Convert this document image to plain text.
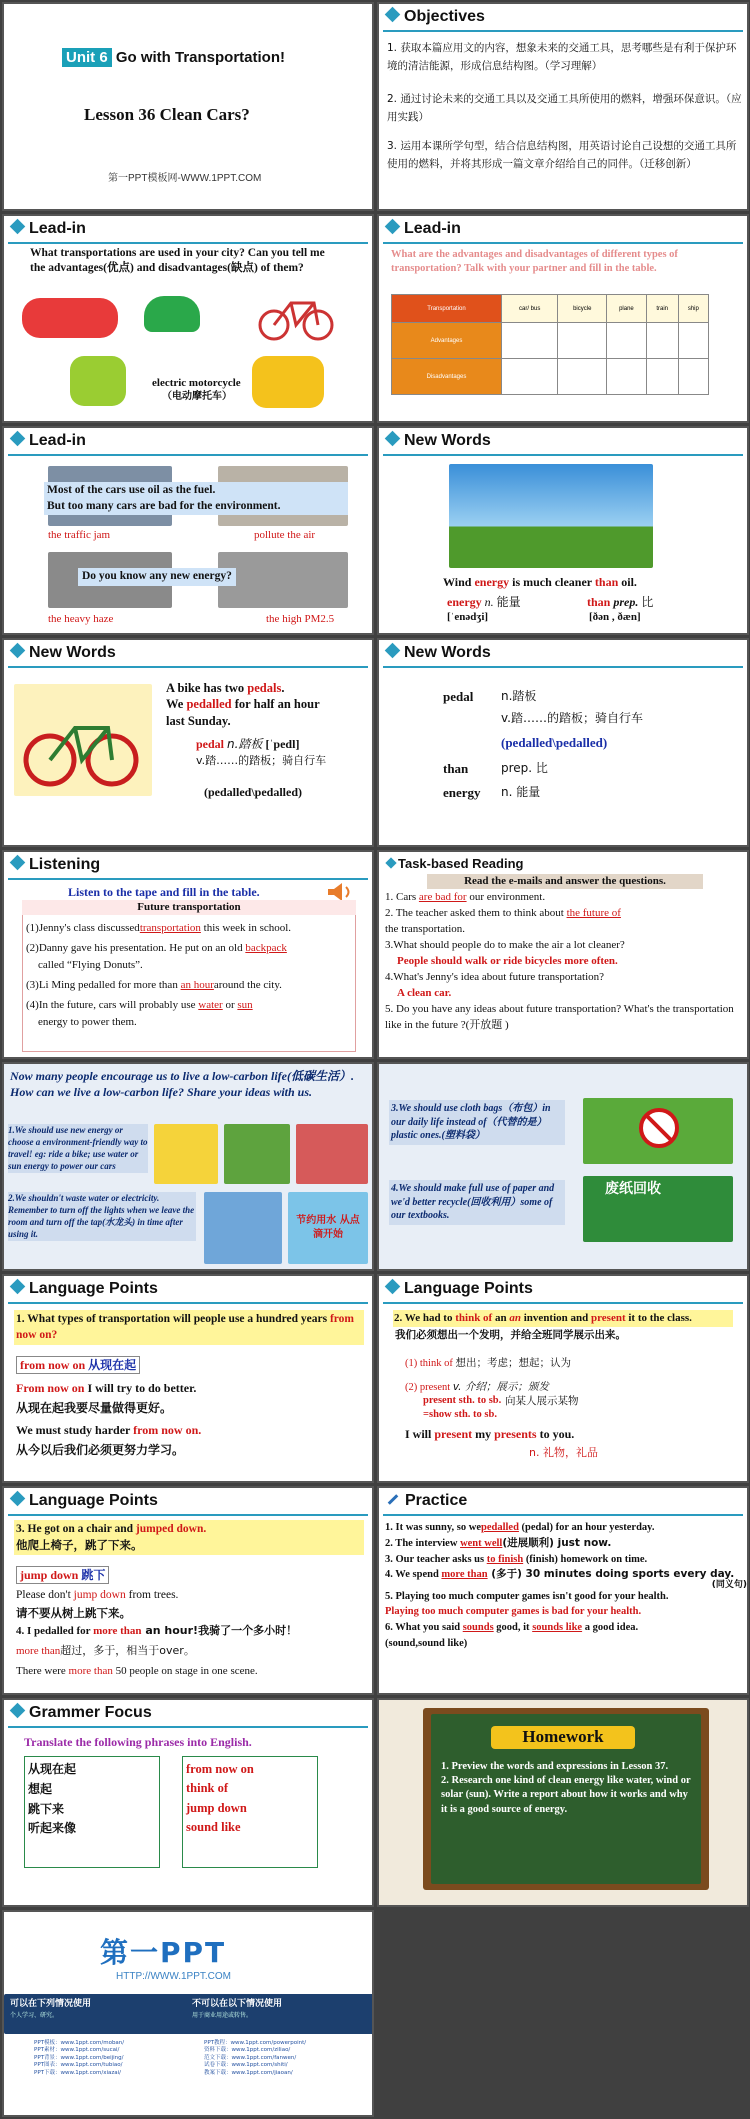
Unit 6 Go with Transportation!
Lesson 36 Clean Cars?
第一PPT模板网-WWW.1PPT.COM
Objectives
1. 获取本篇应用文的内容，想象未来的交通工具，思考哪些是有利于保护环境的清洁能源，形成信息结构图。（学习理解）
2. 通过讨论未来的交通工具以及交通工具所使用的燃料，增强环保意识。（应用实践）
3. 运用本课所学句型，结合信息结构图，用英语讨论自己设想的交通工具所使用的燃料，并将其形成一篇文章介绍给自己的同伴。（迁移创新）
Lead-in
What transportations are used in your city? Can you tell me the advantages(优点) and disadvantages(缺点) of them?
electric motorcycle
（电动摩托车）
Lead-in
What are the advantages and disadvantages of different types of transportation? Talk with your partner and fill in the table.
Transportation	car/ bus	bicycle	plane	train	ship
Advantages					
Disadvantages					
Lead-in
Most of the cars use oil as the fuel.
But too many cars are bad for the environment.
the traffic jam	pollute the air
Do you know any new energy?
the heavy haze	the high PM2.5
New Words
Wind energy is much cleaner than oil.
energy n. 能量
[ˈenədʒi]
than prep. 比
[ðən , ðæn]
New Words
A bike has two pedals.
We pedalled for half an hour
last Sunday.
pedal n.踏板 [ˈpedl]
v.踏……的踏板；骑自行车
(pedalled\pedalled)
New Words
pedal n.踏板
v.踏……的踏板；骑自行车
(pedalled\pedalled)
than	prep. 比
energy n. 能量
Listening
Listen to the tape and fill in the table.
Future transportation
(1)Jenny's class discussedtransportation this week in school.
(2)Danny gave his presentation. He put on an old backpack
called “Flying Donuts”.
(3)Li Ming pedalled for more than an houraround the city.
(4)In the future, cars will probably use water or sun
energy to power them.
Task-based Reading
Read the e-mails and answer the questions.
1. Cars are bad for our environment.
2. The teacher asked them to think about the future of
the transportation.
3.What should people do to make the air a lot cleaner?
People should walk or ride bicycles more often.
4.What's Jenny's idea about future transportation?
A clean car.
5. Do you have any ideas about future transportation? What's the transportation like in the future ?(开放题 )
Now many people encourage us to live a low-carbon life(低碳生活）. How can we live a low-carbon life? Share your ideas with us.
1.We should use new energy or choose a environment-friendly way to travel! eg: ride a bike; use water or sun energy to power our cars
2.We shouldn't waste water or electricity. Remember to turn off the lights when we leave the room and turn off the tap(水龙头) in time after using it.
节约用水 从点滴开始
3.We should use cloth bags（布包）in our daily life instead of（代替的是）plastic ones.(塑料袋）
4.We should make full use of paper and we'd better recycle(回收利用）some of our textbooks.
废纸回收
Language Points
1. What types of transportation will people use a hundred years from now on?
from now on 从现在起
From now on I will try to do better.
从现在起我要尽量做得更好。
We must study harder from now on.
从今以后我们必须更努力学习。
Language Points
2. We had to think of an an invention and present it to the class.
我们必须想出一个发明，并给全班同学展示出来。
(1) think of 想出；考虑；想起；认为
(2) present v. 介绍；展示；颁发
向某人展示某物
present sth. to sb.
=show sth. to sb.
I will present my presents to you.
n. 礼物，礼品
Language Points
3. He got on a chair and jumped down.
他爬上椅子，跳了下来。
jump down 跳下
Please don't jump down from trees.
请不要从树上跳下来。
4. I pedalled for more than an hour!我骑了一个多小时！
more than超过，多于，相当于over。
There were more than 50 people on stage in one scene.
Practice
1. It was sunny, so wepedalled (pedal) for an hour yesterday.
2. The interview went well(进展顺利) just now.
3. Our teacher asks us to finish (finish) homework on time.
4. We spend more than (多于) 30 minutes doing sports every day.
(同义句)
5. Playing too much computer games isn't good for your health.
Playing too much computer games is bad for your health.
6. What you said sounds good, it sounds like a good idea.
(sound,sound like)
Grammer Focus
Translate the following phrases into English.
从现在起
想起
跳下来
听起来像
from now on
think of
jump down
sound like
Homework
1. Preview the words and expressions in Lesson 37.
2. Research one kind of clean energy like water, wind or solar (sun). Write a report about how it works and why it is a good source of energy.
第一PPT
HTTP://WWW.1PPT.COM
可以在下列情况使用
个人学习、研究。
不可以在以下情况使用
用于商业用途或转售。
PPT模板：www.1ppt.com/moban/
PPT素材：www.1ppt.com/sucai/
PPT背景：www.1ppt.com/beijing/
PPT图表：www.1ppt.com/tubiao/
PPT下载：www.1ppt.com/xiazai/
PPT教程：www.1ppt.com/powerpoint/
资料下载：www.1ppt.com/ziliao/
范文下载：www.1ppt.com/fanwen/
试卷下载：www.1ppt.com/shiti/
教案下载：www.1ppt.com/jiaoan/
